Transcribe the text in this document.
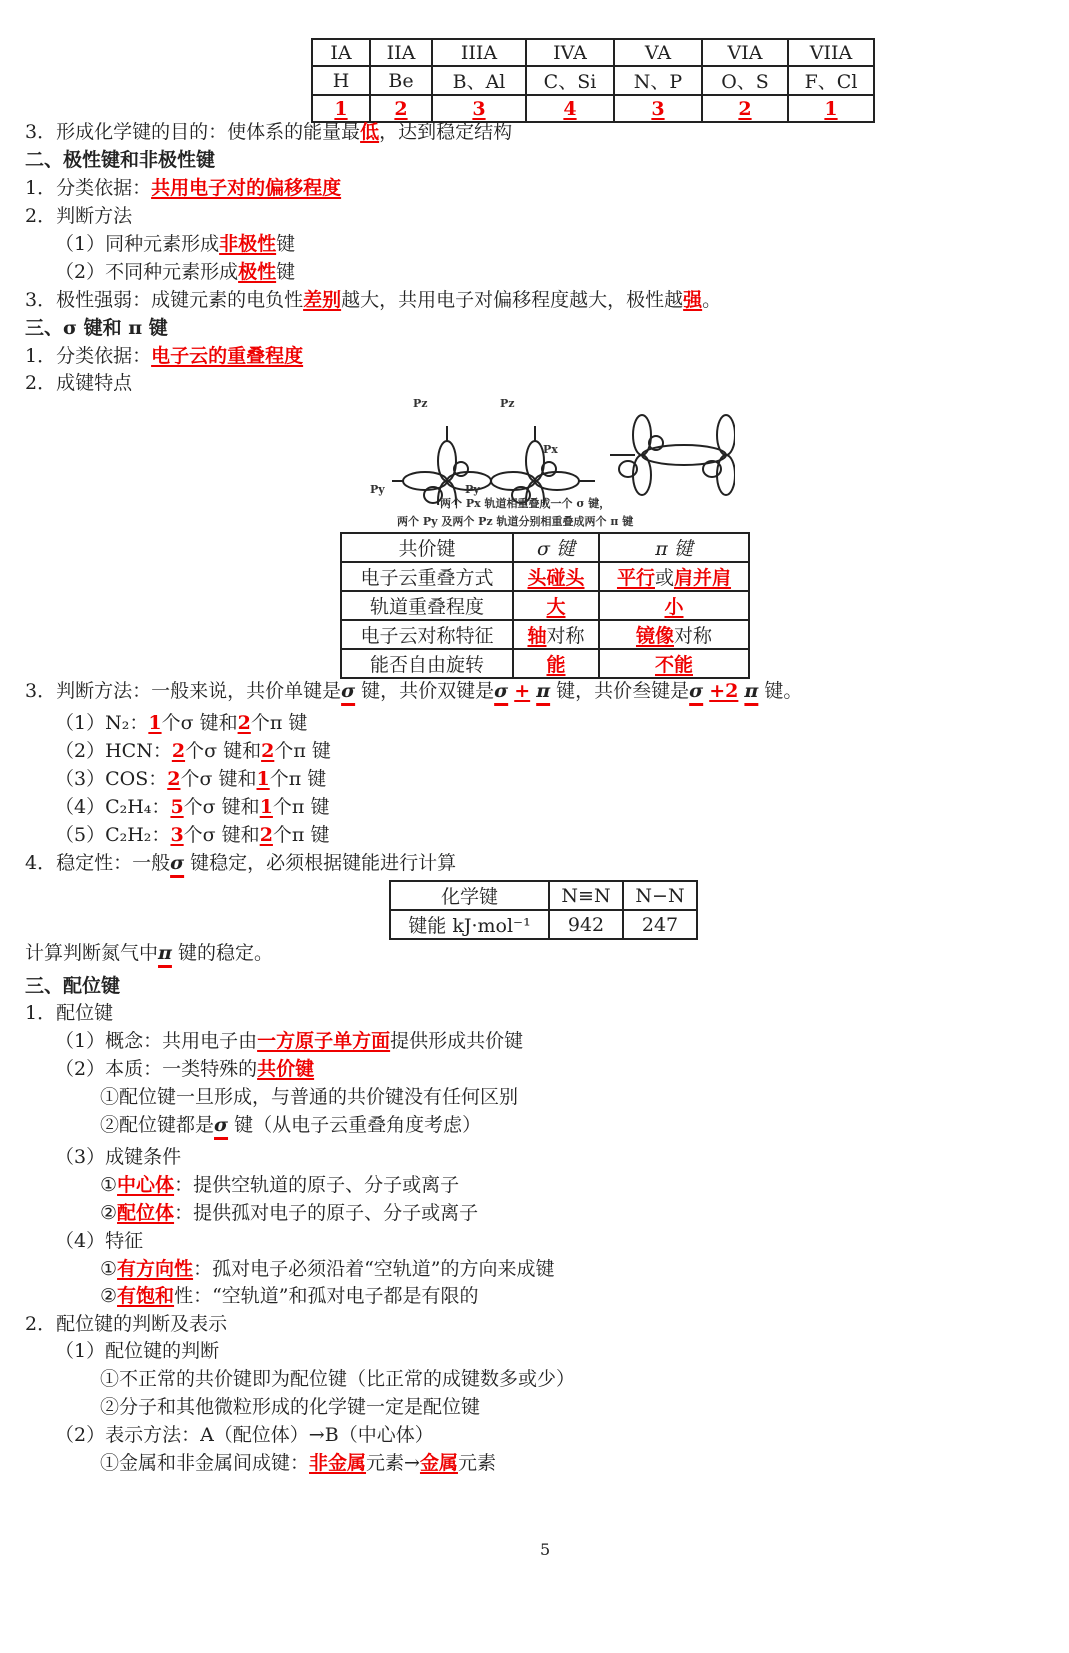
IA	IIA	IIIA	IVA	VA	VIA	VIIA
H	Be	B、Al	C、Si	N、P	O、S	F、Cl
1	2	3	4	3	2	1
3．形成化学键的目的：使体系的能量最低，达到稳定结构
二、极性键和非极性键
1．分类依据：共用电子对的偏移程度
2．判断方法
（1）同种元素形成非极性键
（2）不同种元素形成极性键
3．极性强弱：成键元素的电负性差别越大，共用电子对偏移程度越大，极性越强。
三、σ 键和 π 键
1．分类依据：电子云的重叠程度
2．成键特点
Pz	Pz
Py	Py
Px
两个 Px 轨道相重叠成一个 σ 键，
两个 Py 及两个 Pz 轨道分别相重叠成两个 π 键
共价键	σ 键	π 键
电子云重叠方式	头碰头	平行或肩并肩
轨道重叠程度	大	小
电子云对称特征	轴对称	镜像对称
能否自由旋转	能	不能
3．判断方法：一般来说，共价单键是σ 键，共价双键是σ + π 键，共价叁键是σ +2 π 键。
（1）N₂：1个σ 键和2个π 键
（2）HCN：2个σ 键和2个π 键
（3）COS：2个σ 键和1个π 键
（4）C₂H₄：5个σ 键和1个π 键
（5）C₂H₂：3个σ 键和2个π 键
4．稳定性：一般σ 键稳定，必须根据键能进行计算
化学键	N≡N	N−N
键能 kJ·mol⁻¹	942	247
计算判断氮气中π 键的稳定。
三、配位键
1．配位键
（1）概念：共用电子由一方原子单方面提供形成共价键
（2）本质：一类特殊的共价键
①配位键一旦形成，与普通的共价键没有任何区别
②配位键都是σ 键（从电子云重叠角度考虑）
（3）成键条件
①中心体：提供空轨道的原子、分子或离子
②配位体：提供孤对电子的原子、分子或离子
（4）特征
①有方向性：孤对电子必须沿着“空轨道”的方向来成键
②有饱和性：“空轨道”和孤对电子都是有限的
2．配位键的判断及表示
（1）配位键的判断
①不正常的共价键即为配位键（比正常的成键数多或少）
②分子和其他微粒形成的化学键一定是配位键
（2）表示方法：A（配位体）→B（中心体）
①金属和非金属间成键：非金属元素→金属元素
5
